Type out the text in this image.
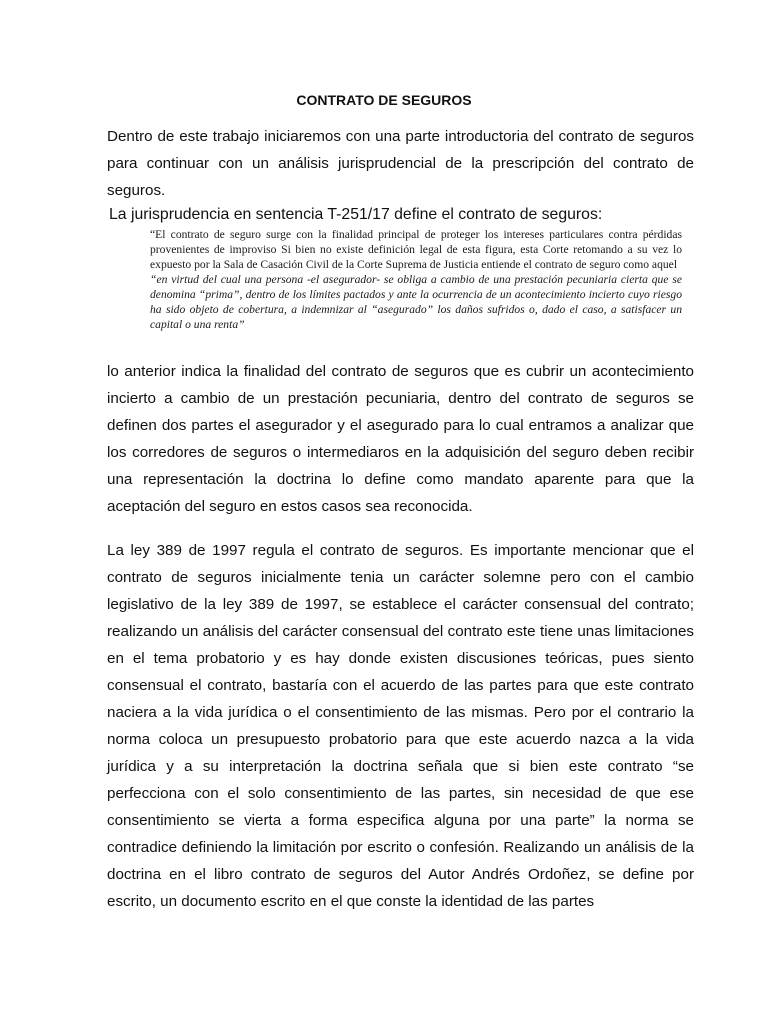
CONTRATO DE SEGUROS

Dentro de este trabajo iniciaremos con una parte introductoria del contrato de seguros para continuar con un análisis jurisprudencial de la prescripción del contrato de seguros.

La jurisprudencia en sentencia T-251/17 define el contrato de seguros:

“El contrato de seguro surge con la finalidad principal de proteger los intereses particulares contra pérdidas provenientes de improviso Si bien no existe definición legal de esta figura, esta Corte retomando a su vez lo expuesto por la Sala de Casación Civil de la Corte Suprema de Justicia entiende el contrato de seguro como aquel
“en virtud del cual una persona -el asegurador- se obliga a cambio de una prestación pecuniaria cierta que se denomina “prima”, dentro de los límites pactados y ante la ocurrencia de un acontecimiento incierto cuyo riesgo ha sido objeto de cobertura, a indemnizar al “asegurado” los daños sufridos o, dado el caso, a satisfacer un capital o una renta”

lo anterior indica la finalidad del contrato de seguros que es cubrir un acontecimiento incierto a cambio de un prestación pecuniaria, dentro del contrato de seguros se definen dos partes el asegurador y el asegurado para lo cual entramos a analizar que los corredores de seguros o intermediaros en la adquisición del seguro deben recibir una representación la doctrina lo define como mandato aparente para que la aceptación del seguro en estos casos sea reconocida.

La ley 389 de 1997 regula el contrato de seguros. Es importante mencionar que el contrato de seguros inicialmente tenia un carácter solemne pero con el cambio legislativo de la ley 389 de 1997, se establece el carácter consensual del contrato; realizando un análisis del carácter consensual del contrato este tiene unas limitaciones en el tema probatorio y es hay donde existen discusiones teóricas, pues siento consensual el contrato, bastaría con el acuerdo de las partes para que este contrato naciera a la vida jurídica o el consentimiento de las mismas. Pero por el contrario la norma coloca un presupuesto probatorio para que este acuerdo nazca a la vida jurídica y a su interpretación la doctrina señala que si bien este contrato “se perfecciona con el solo consentimiento de las partes, sin necesidad de que ese consentimiento se vierta a forma especifica alguna por una parte” la norma se contradice definiendo la limitación por escrito o confesión. Realizando un análisis de la doctrina en el libro contrato de seguros del Autor Andrés Ordoñez, se define por escrito, un documento escrito en el que conste la identidad de las partes
